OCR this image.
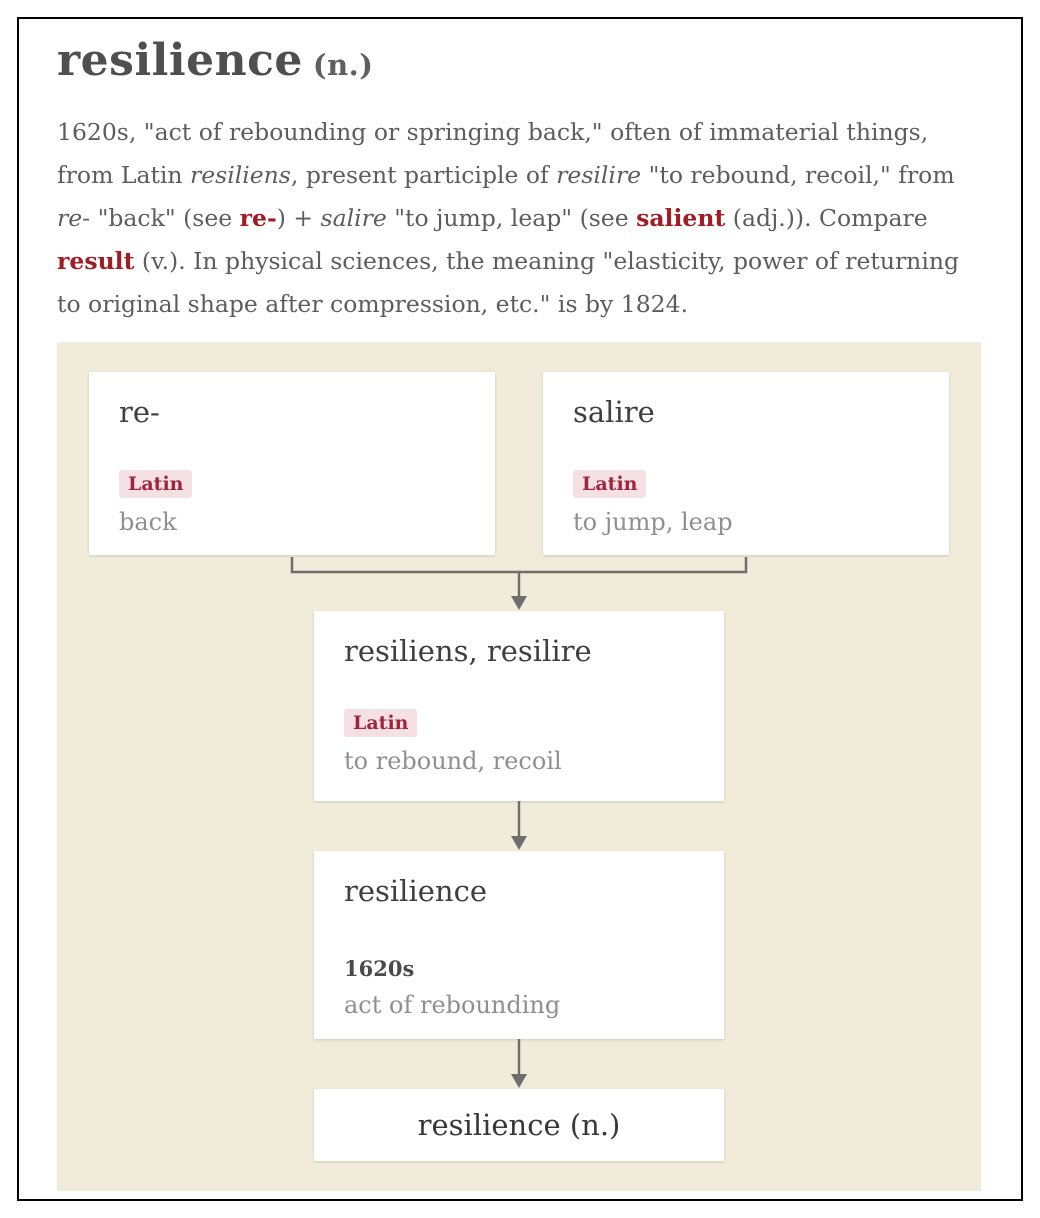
resilience (n.)

1620s, "act of rebounding or springing back," often of immaterial things, from Latin resiliens, present participle of resilire "to rebound, recoil," from re- "back" (see re-) + salire "to jump, leap" (see salient (adj.)). Compare result (v.). In physical sciences, the meaning "elasticity, power of returning to original shape after compression, etc." is by 1824.

re-
Latin
back
salire
Latin
to jump, leap
resiliens, resilire
Latin
to rebound, recoil
resilience
1620s
act of rebounding
resilience (n.)
